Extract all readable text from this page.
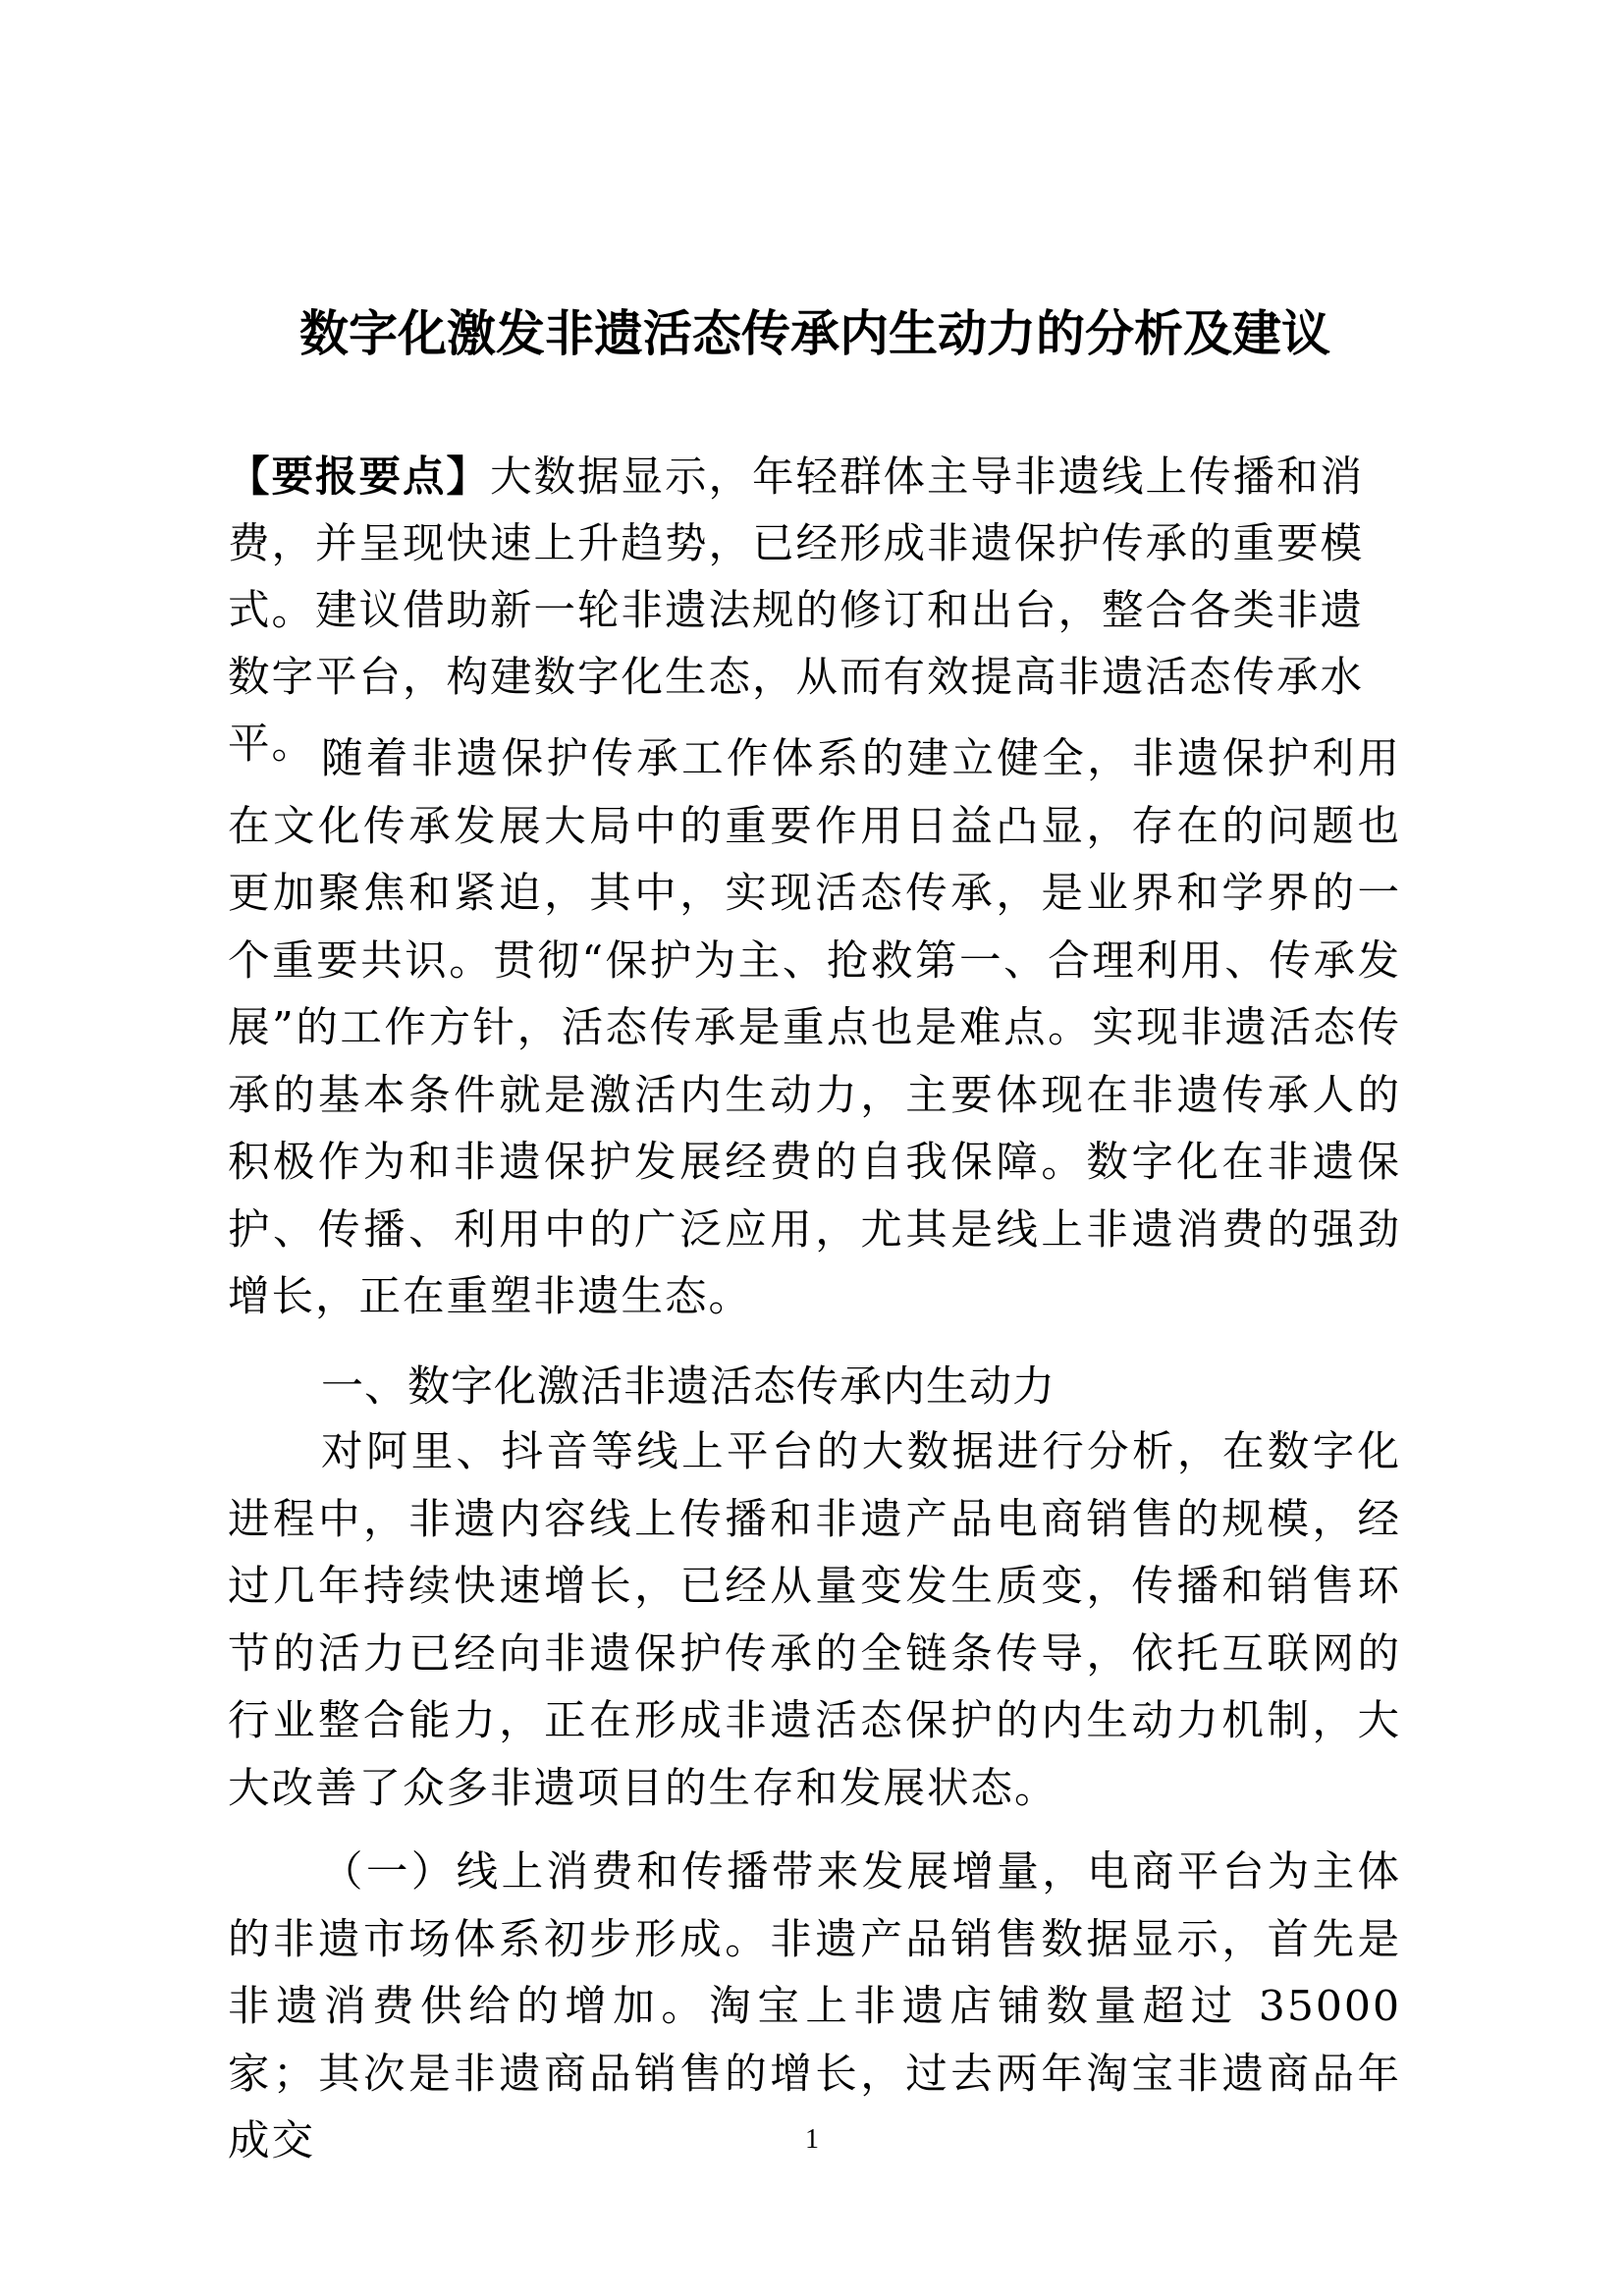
数字化激发非遗活态传承内生动力的分析及建议
【要报要点】大数据显示，年轻群体主导非遗线上传播和消费，并呈现快速上升趋势，已经形成非遗保护传承的重要模式。建议借助新一轮非遗法规的修订和出台，整合各类非遗数字平台，构建数字化生态，从而有效提高非遗活态传承水平。 随着非遗保护传承工作体系的建立健全，非遗保护利用在文化传承发展大局中的重要作用日益凸显，存在的问题也更加聚焦和紧迫，其中，实现活态传承，是业界和学界的一个重要共识。贯彻“保护为主、抢救第一、合理利用、传承发展”的工作方针，活态传承是重点也是难点。实现非遗活态传承的基本条件就是激活内生动力，主要体现在非遗传承人的积极作为和非遗保护发展经费的自我保障。数字化在非遗保护、传播、利用中的广泛应用，尤其是线上非遗消费的强劲增长，正在重塑非遗生态。

一、数字化激活非遗活态传承内生动力

对阿里、抖音等线上平台的大数据进行分析，在数字化进程中，非遗内容线上传播和非遗产品电商销售的规模，经过几年持续快速增长，已经从量变发生质变，传播和销售环节的活力已经向非遗保护传承的全链条传导，依托互联网的行业整合能力，正在形成非遗活态保护的内生动力机制，大大改善了众多非遗项目的生存和发展状态。

（一）线上消费和传播带来发展增量，电商平台为主体的非遗市场体系初步形成。非遗产品销售数据显示，首先是非遗消费供给的增加。淘宝上非遗店铺数量超过 35000 家；其次是非遗商品销售的增长，过去两年淘宝非遗商品年成交	1
